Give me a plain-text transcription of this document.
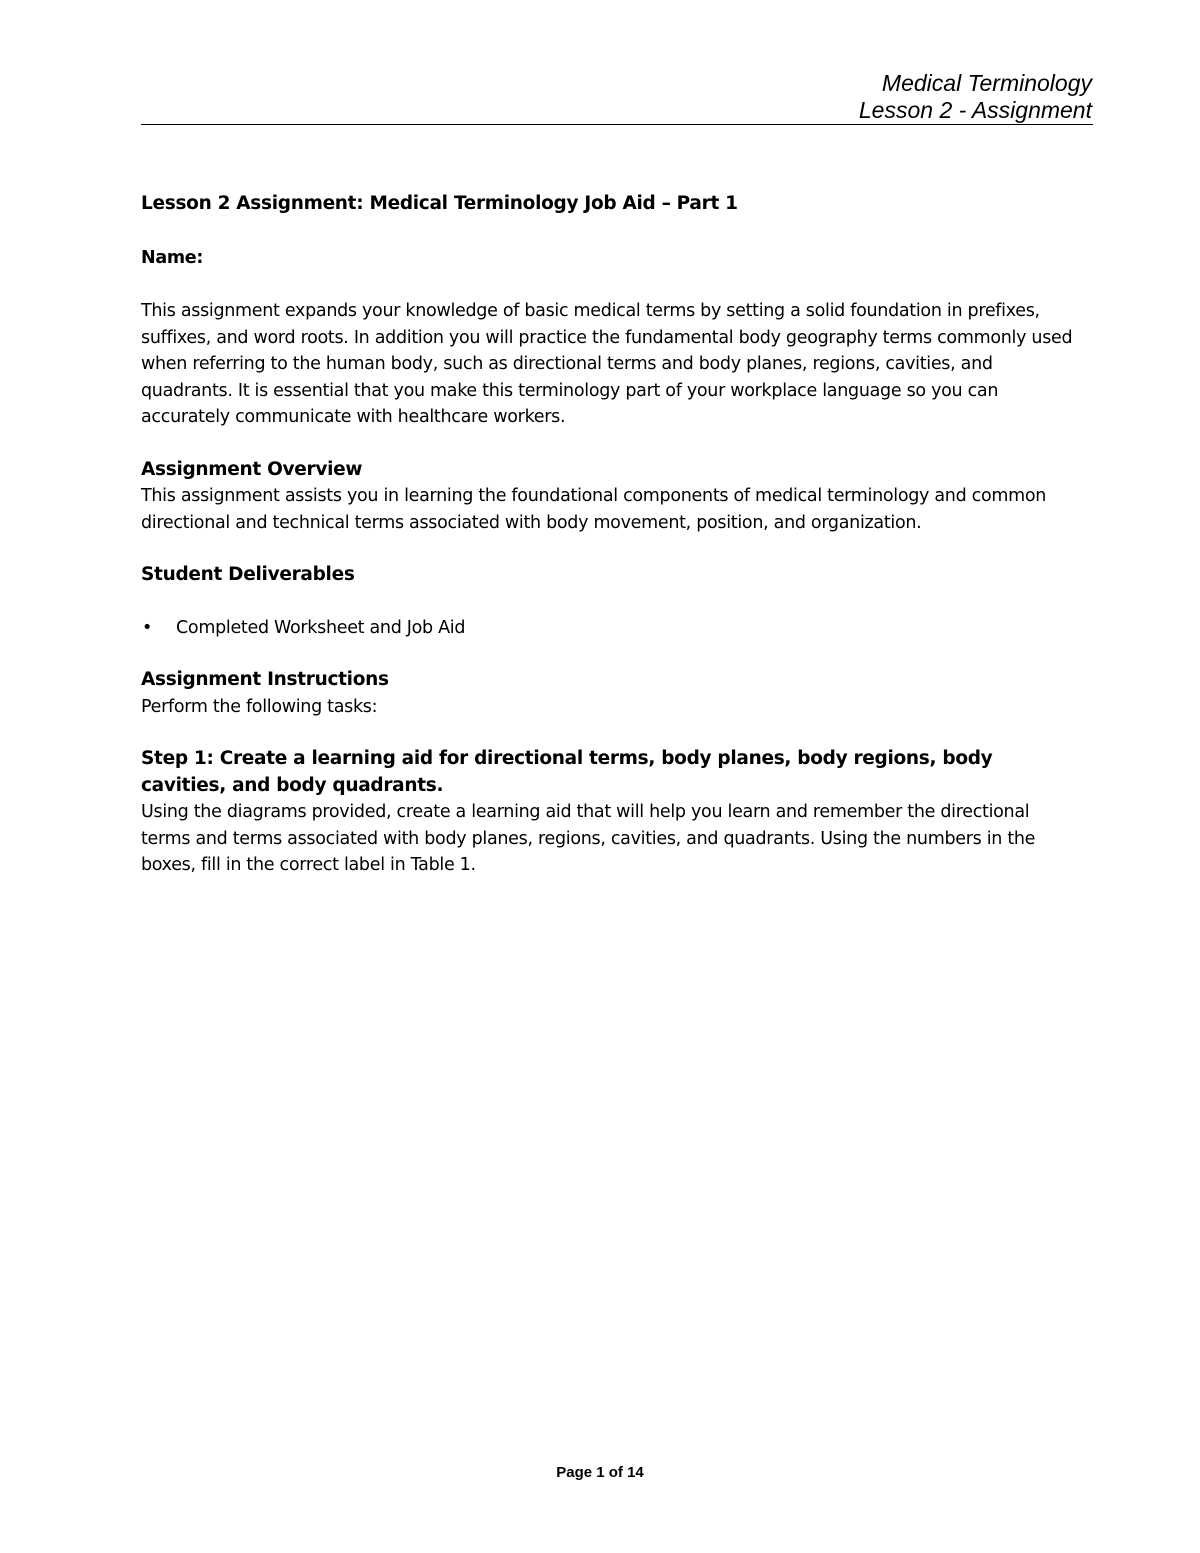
Medical Terminology
Lesson 2 - Assignment

Lesson 2 Assignment: Medical Terminology Job Aid – Part 1

Name:

This assignment expands your knowledge of basic medical terms by setting a solid foundation in prefixes, suffixes, and word roots. In addition you will practice the fundamental body geography terms commonly used when referring to the human body, such as directional terms and body planes, regions, cavities, and quadrants. It is essential that you make this terminology part of your workplace language so you can accurately communicate with healthcare workers.

Assignment Overview

This assignment assists you in learning the foundational components of medical terminology and common directional and technical terms associated with body movement, position, and organization.

Student Deliverables

• Completed Worksheet and Job Aid

Assignment Instructions

Perform the following tasks:

Step 1: Create a learning aid for directional terms, body planes, body regions, body cavities, and body quadrants.

Using the diagrams provided, create a learning aid that will help you learn and remember the directional terms and terms associated with body planes, regions, cavities, and quadrants. Using the numbers in the boxes, fill in the correct label in Table 1.

Page 1 of 14
